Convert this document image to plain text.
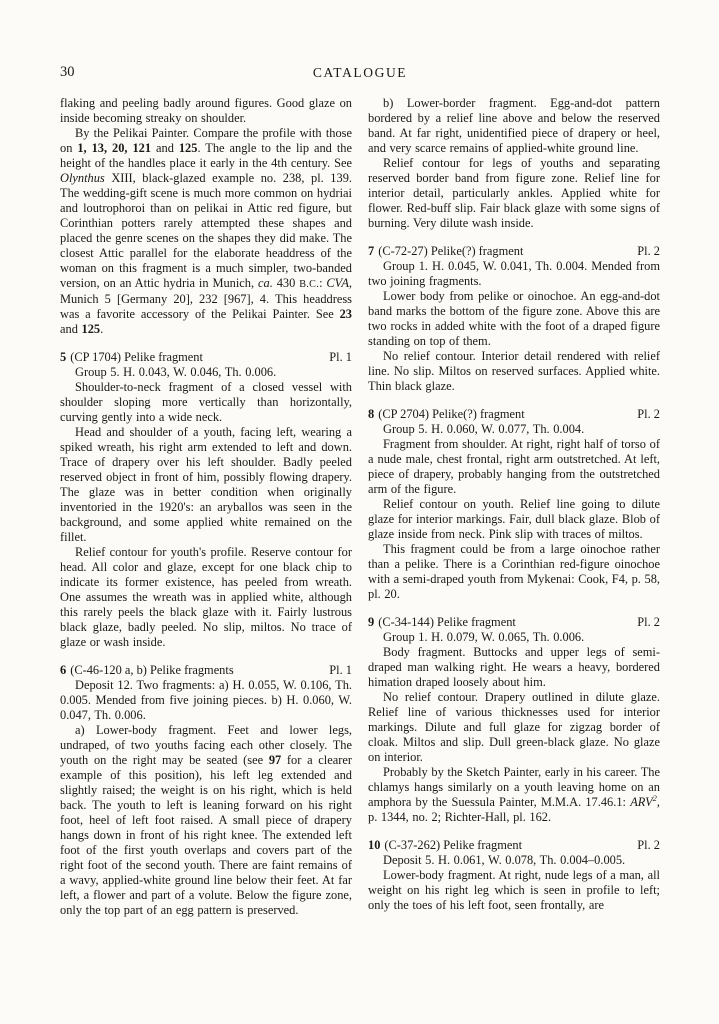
30	CATALOGUE

flaking and peeling badly around figures. Good glaze on inside becoming streaky on shoulder.

By the Pelikai Painter. Compare the profile with those on 1, 13, 20, 121 and 125. The angle to the lip and the height of the handles place it early in the 4th century. See Olynthus XIII, black-glazed example no. 238, pl. 139. The wedding-gift scene is much more common on hydriai and loutrophoroi than on pelikai in Attic red figure, but Corinthian potters rarely attempted these shapes and placed the genre scenes on the shapes they did make. The closest Attic parallel for the elaborate headdress of the woman on this fragment is a much simpler, two-banded version, on an Attic hydria in Munich, ca. 430 B.C.: CVA, Munich 5 [Germany 20], 232 [967], 4. This headdress was a favorite accessory of the Pelikai Painter. See 23 and 125.

5 (CP 1704) Pelike fragment	Pl. 1

Group 5. H. 0.043, W. 0.046, Th. 0.006.

Shoulder-to-neck fragment of a closed vessel with shoulder sloping more vertically than horizontally, curving gently into a wide neck.

Head and shoulder of a youth, facing left, wearing a spiked wreath, his right arm extended to left and down. Trace of drapery over his left shoulder. Badly peeled reserved object in front of him, possibly flowing drapery. The glaze was in better condition when originally inventoried in the 1920's: an aryballos was seen in the background, and some applied white remained on the fillet.

Relief contour for youth's profile. Reserve contour for head. All color and glaze, except for one black chip to indicate its former existence, has peeled from wreath. One assumes the wreath was in applied white, although this rarely peels the black glaze with it. Fairly lustrous black glaze, badly peeled. No slip, miltos. No trace of glaze or wash inside.

6 (C-46-120 a, b) Pelike fragments	Pl. 1

Deposit 12. Two fragments: a) H. 0.055, W. 0.106, Th. 0.005. Mended from five joining pieces. b) H. 0.060, W. 0.047, Th. 0.006.

a) Lower-body fragment. Feet and lower legs, undraped, of two youths facing each other closely. The youth on the right may be seated (see 97 for a clearer example of this position), his left leg extended and slightly raised; the weight is on his right, which is held back. The youth to left is leaning forward on his right foot, heel of left foot raised. A small piece of drapery hangs down in front of his right knee. The extended left foot of the first youth overlaps and covers part of the right foot of the second youth. There are faint remains of a wavy, applied-white ground line below their feet. At far left, a flower and part of a volute. Below the figure zone, only the top part of an egg pattern is preserved.

b) Lower-border fragment. Egg-and-dot pattern bordered by a relief line above and below the reserved band. At far right, unidentified piece of drapery or heel, and very scarce remains of applied-white ground line.

Relief contour for legs of youths and separating reserved border band from figure zone. Relief line for interior detail, particularly ankles. Applied white for flower. Red-buff slip. Fair black glaze with some signs of burning. Very dilute wash inside.

7 (C-72-27) Pelike(?) fragment	Pl. 2

Group 1. H. 0.045, W. 0.041, Th. 0.004. Mended from two joining fragments.

Lower body from pelike or oinochoe. An egg-and-dot band marks the bottom of the figure zone. Above this are two rocks in added white with the foot of a draped figure standing on top of them.

No relief contour. Interior detail rendered with relief line. No slip. Miltos on reserved surfaces. Applied white. Thin black glaze.

8 (CP 2704) Pelike(?) fragment	Pl. 2

Group 5. H. 0.060, W. 0.077, Th. 0.004.

Fragment from shoulder. At right, right half of torso of a nude male, chest frontal, right arm outstretched. At left, piece of drapery, probably hanging from the outstretched arm of the figure.

Relief contour on youth. Relief line going to dilute glaze for interior markings. Fair, dull black glaze. Blob of glaze inside from neck. Pink slip with traces of miltos.

This fragment could be from a large oinochoe rather than a pelike. There is a Corinthian red-figure oinochoe with a semi-draped youth from Mykenai: Cook, F4, p. 58, pl. 20.

9 (C-34-144) Pelike fragment	Pl. 2

Group 1. H. 0.079, W. 0.065, Th. 0.006.

Body fragment. Buttocks and upper legs of semi-draped man walking right. He wears a heavy, bordered himation draped loosely about him.

No relief contour. Drapery outlined in dilute glaze. Relief line of various thicknesses used for interior markings. Dilute and full glaze for zigzag border of cloak. Miltos and slip. Dull green-black glaze. No glaze on interior.

Probably by the Sketch Painter, early in his career. The chlamys hangs similarly on a youth leaving home on an amphora by the Suessula Painter, M.M.A. 17.46.1: ARV$^2$, p. 1344, no. 2; Richter-Hall, pl. 162.

10 (C-37-262) Pelike fragment	Pl. 2

Deposit 5. H. 0.061, W. 0.078, Th. 0.004–0.005.

Lower-body fragment. At right, nude legs of a man, all weight on his right leg which is seen in profile to left; only the toes of his left foot, seen frontally, are
